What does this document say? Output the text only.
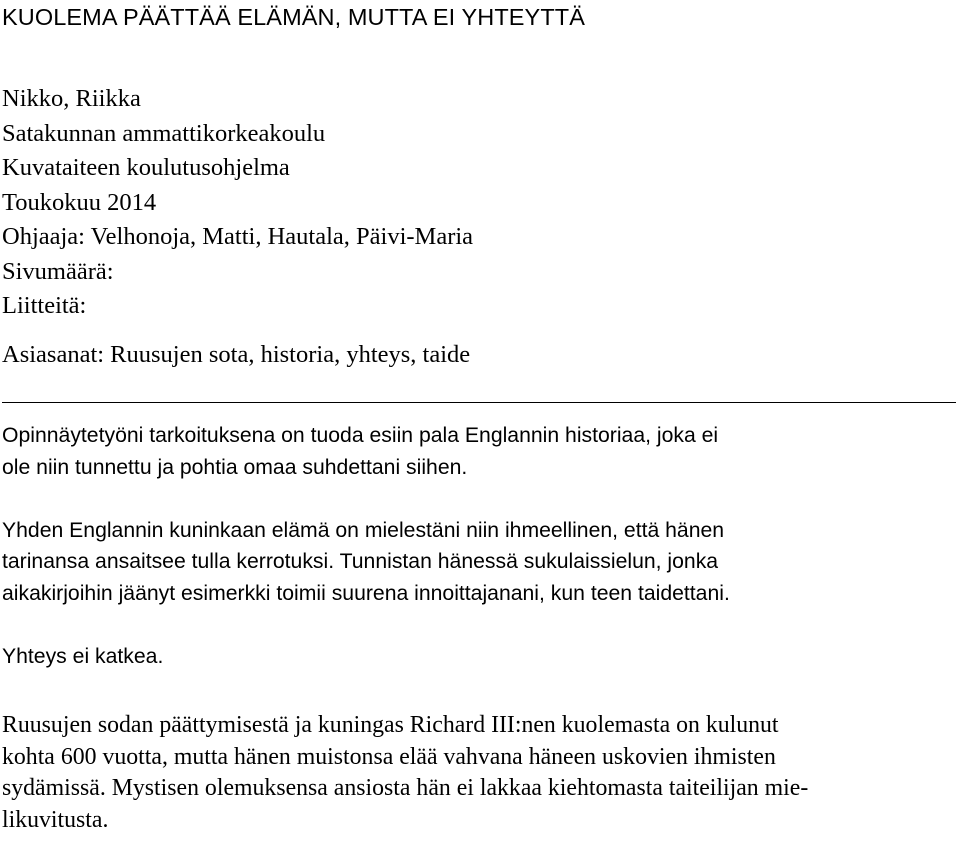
KUOLEMA PÄÄTTÄÄ ELÄMÄN, MUTTA EI YHTEYTTÄ
Nikko, Riikka
Satakunnan ammattikorkeakoulu
Kuvataiteen koulutusohjelma
Toukokuu 2014
Ohjaaja: Velhonoja, Matti, Hautala, Päivi-Maria
Sivumäärä:
Liitteitä:
Asiasanat: Ruusujen sota, historia, yhteys, taide

Opinnäytetyöni tarkoituksena on tuoda esiin pala Englannin historiaa, joka ei
ole niin tunnettu ja pohtia omaa suhdettani siihen.

Yhden Englannin kuninkaan elämä on mielestäni niin ihmeellinen, että hänen
tarinansa ansaitsee tulla kerrotuksi. Tunnistan hänessä sukulaissielun, jonka
aikakirjoihin jäänyt esimerkki toimii suurena innoittajanani, kun teen taidettani.

Yhteys ei katkea.

Ruusujen sodan päättymisestä ja kuningas Richard III:nen kuolemasta on kulunut
kohta 600 vuotta, mutta hänen muistonsa elää vahvana häneen uskovien ihmisten
sydämissä. Mystisen olemuksensa ansiosta hän ei lakkaa kiehtomasta taiteilijan mie-
likuvitusta.
